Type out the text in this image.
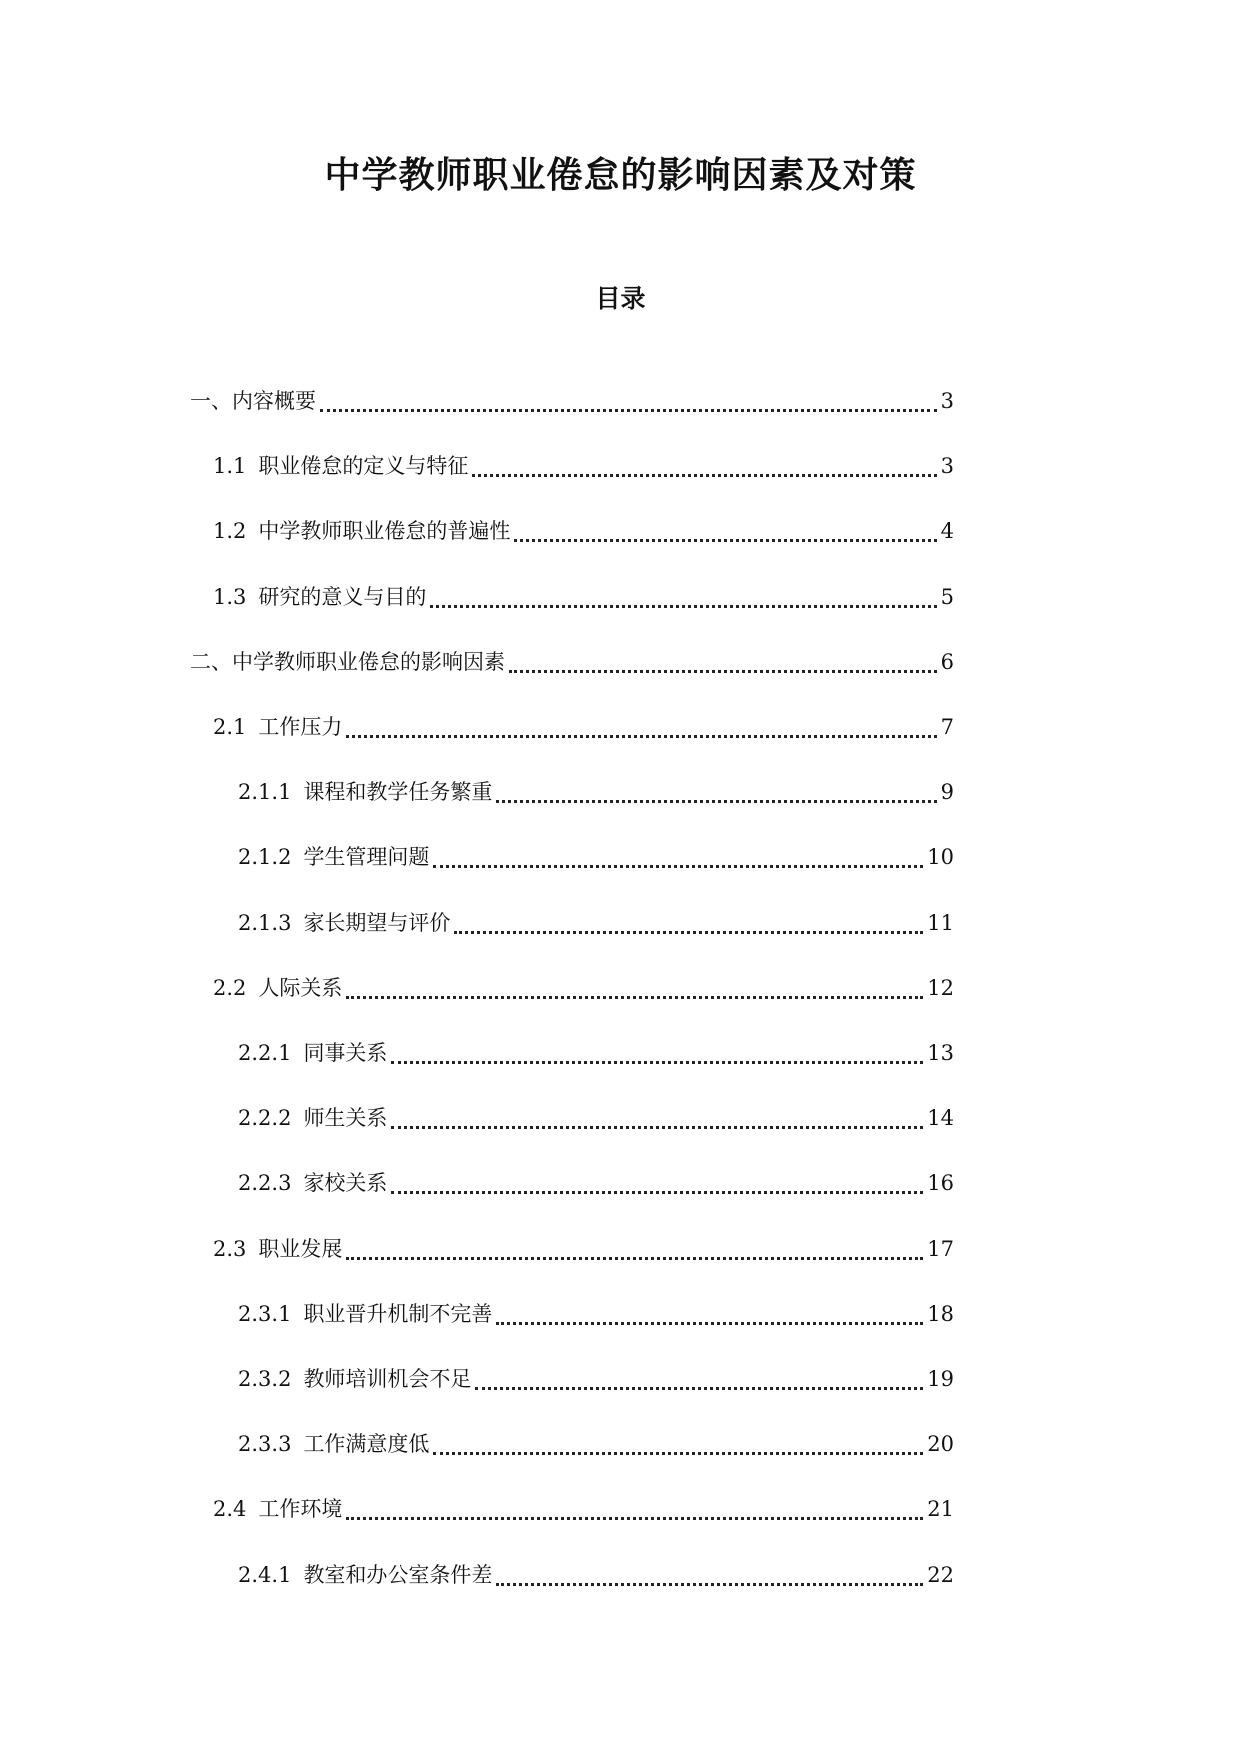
中学教师职业倦怠的影响因素及对策
目录
一、内容概要	3
1.1 职业倦怠的定义与特征	3
1.2 中学教师职业倦怠的普遍性	4
1.3 研究的意义与目的	5
二、中学教师职业倦怠的影响因素	6
2.1 工作压力	7
2.1.1 课程和教学任务繁重	9
2.1.2 学生管理问题	10
2.1.3 家长期望与评价	11
2.2 人际关系	12
2.2.1 同事关系	13
2.2.2 师生关系	14
2.2.3 家校关系	16
2.3 职业发展	17
2.3.1 职业晋升机制不完善	18
2.3.2 教师培训机会不足	19
2.3.3 工作满意度低	20
2.4 工作环境	21
2.4.1 教室和办公室条件差	22
